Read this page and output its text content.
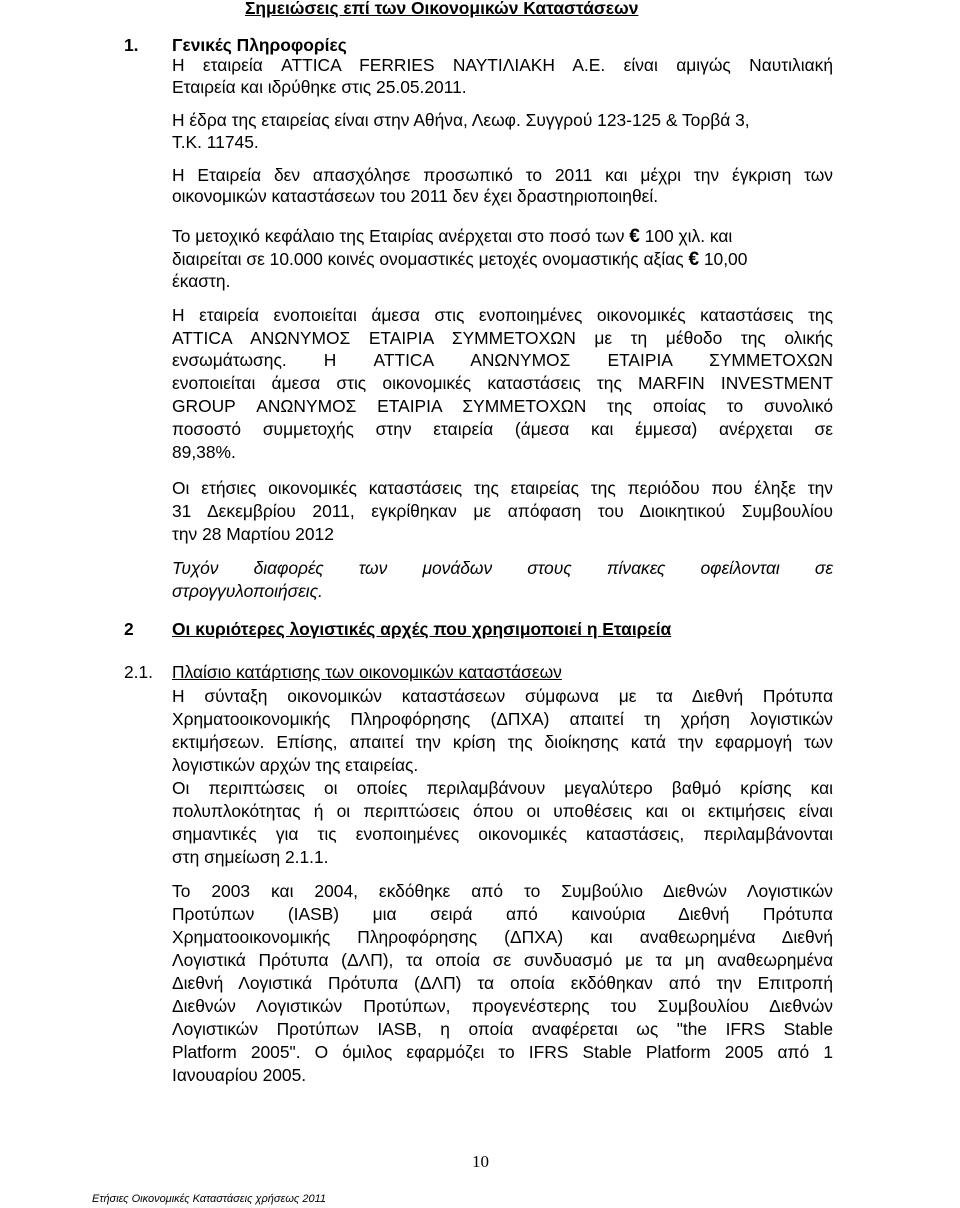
Σημειώσεις επί των Οικονομικών Καταστάσεων
1. Γενικές Πληροφορίες
Η εταιρεία ATTICA FERRIES ΝΑΥΤΙΛΙΑΚΗ Α.Ε. είναι αμιγώς Ναυτιλιακή
Εταιρεία και ιδρύθηκε στις 25.05.2011.
Η έδρα της εταιρείας είναι στην Αθήνα, Λεωφ. Συγγρού 123-125 & Τορβά 3,
Τ.Κ. 11745.
Η Εταιρεία δεν απασχόλησε προσωπικό το 2011 και μέχρι την έγκριση των
οικονομικών καταστάσεων του 2011 δεν έχει δραστηριοποιηθεί.
Το μετοχικό κεφάλαιο της Εταιρίας ανέρχεται στο ποσό των € 100 χιλ. και
διαιρείται σε 10.000 κοινές ονομαστικές μετοχές ονομαστικής αξίας € 10,00
έκαστη.
Η εταιρεία ενοποιείται άμεσα στις ενοποιημένες οικονομικές καταστάσεις της
ATTICA ΑΝΩΝΥΜΟΣ ΕΤΑΙΡΙΑ ΣΥΜΜΕΤΟΧΩΝ με τη μέθοδο της ολικής
ενσωμάτωσης. Η ATTICA ΑΝΩΝΥΜΟΣ ΕΤΑΙΡΙΑ ΣΥΜΜΕΤΟΧΩΝ
ενοποιείται άμεσα στις οικονομικές καταστάσεις της MARFIN INVESTMENT
GROUP ΑΝΩΝΥΜΟΣ ΕΤΑΙΡΙΑ ΣΥΜΜΕΤΟΧΩΝ της οποίας το συνολικό
ποσοστό συμμετοχής στην εταιρεία (άμεσα και έμμεσα) ανέρχεται σε
89,38%.
Οι ετήσιες οικονομικές καταστάσεις της εταιρείας της περιόδου που έληξε την
31 Δεκεμβρίου 2011, εγκρίθηκαν με απόφαση του Διοικητικού Συμβουλίου
την 28 Μαρτίου 2012
Τυχόν διαφορές των μονάδων στους πίνακες οφείλονται σε
στρογγυλοποιήσεις.
2 Οι κυριότερες λογιστικές αρχές που χρησιμοποιεί η Εταιρεία
2.1. Πλαίσιο κατάρτισης των οικονομικών καταστάσεων
Η σύνταξη οικονομικών καταστάσεων σύμφωνα με τα Διεθνή Πρότυπα
Χρηματοοικονομικής Πληροφόρησης (ΔΠΧΑ) απαιτεί τη χρήση λογιστικών
εκτιμήσεων. Επίσης, απαιτεί την κρίση της διοίκησης κατά την εφαρμογή των
λογιστικών αρχών της εταιρείας.
Οι περιπτώσεις οι οποίες περιλαμβάνουν μεγαλύτερο βαθμό κρίσης και
πολυπλοκότητας ή οι περιπτώσεις όπου οι υποθέσεις και οι εκτιμήσεις είναι
σημαντικές για τις ενοποιημένες οικονομικές καταστάσεις, περιλαμβάνονται
στη σημείωση 2.1.1.
Το 2003 και 2004, εκδόθηκε από το Συμβούλιο Διεθνών Λογιστικών
Προτύπων (IASB) μια σειρά από καινούρια Διεθνή Πρότυπα
Χρηματοοικονομικής Πληροφόρησης (ΔΠΧΑ) και αναθεωρημένα Διεθνή
Λογιστικά Πρότυπα (ΔΛΠ), τα οποία σε συνδυασμό με τα μη αναθεωρημένα
Διεθνή Λογιστικά Πρότυπα (ΔΛΠ) τα οποία εκδόθηκαν από την Επιτροπή
Διεθνών Λογιστικών Προτύπων, προγενέστερης του Συμβουλίου Διεθνών
Λογιστικών Προτύπων IASB, η οποία αναφέρεται ως "the IFRS Stable
Platform 2005". Ο όμιλος εφαρμόζει το IFRS Stable Platform 2005 από 1
Ιανουαρίου 2005.
10
Ετήσιες Οικονομικές Καταστάσεις χρήσεως 2011
